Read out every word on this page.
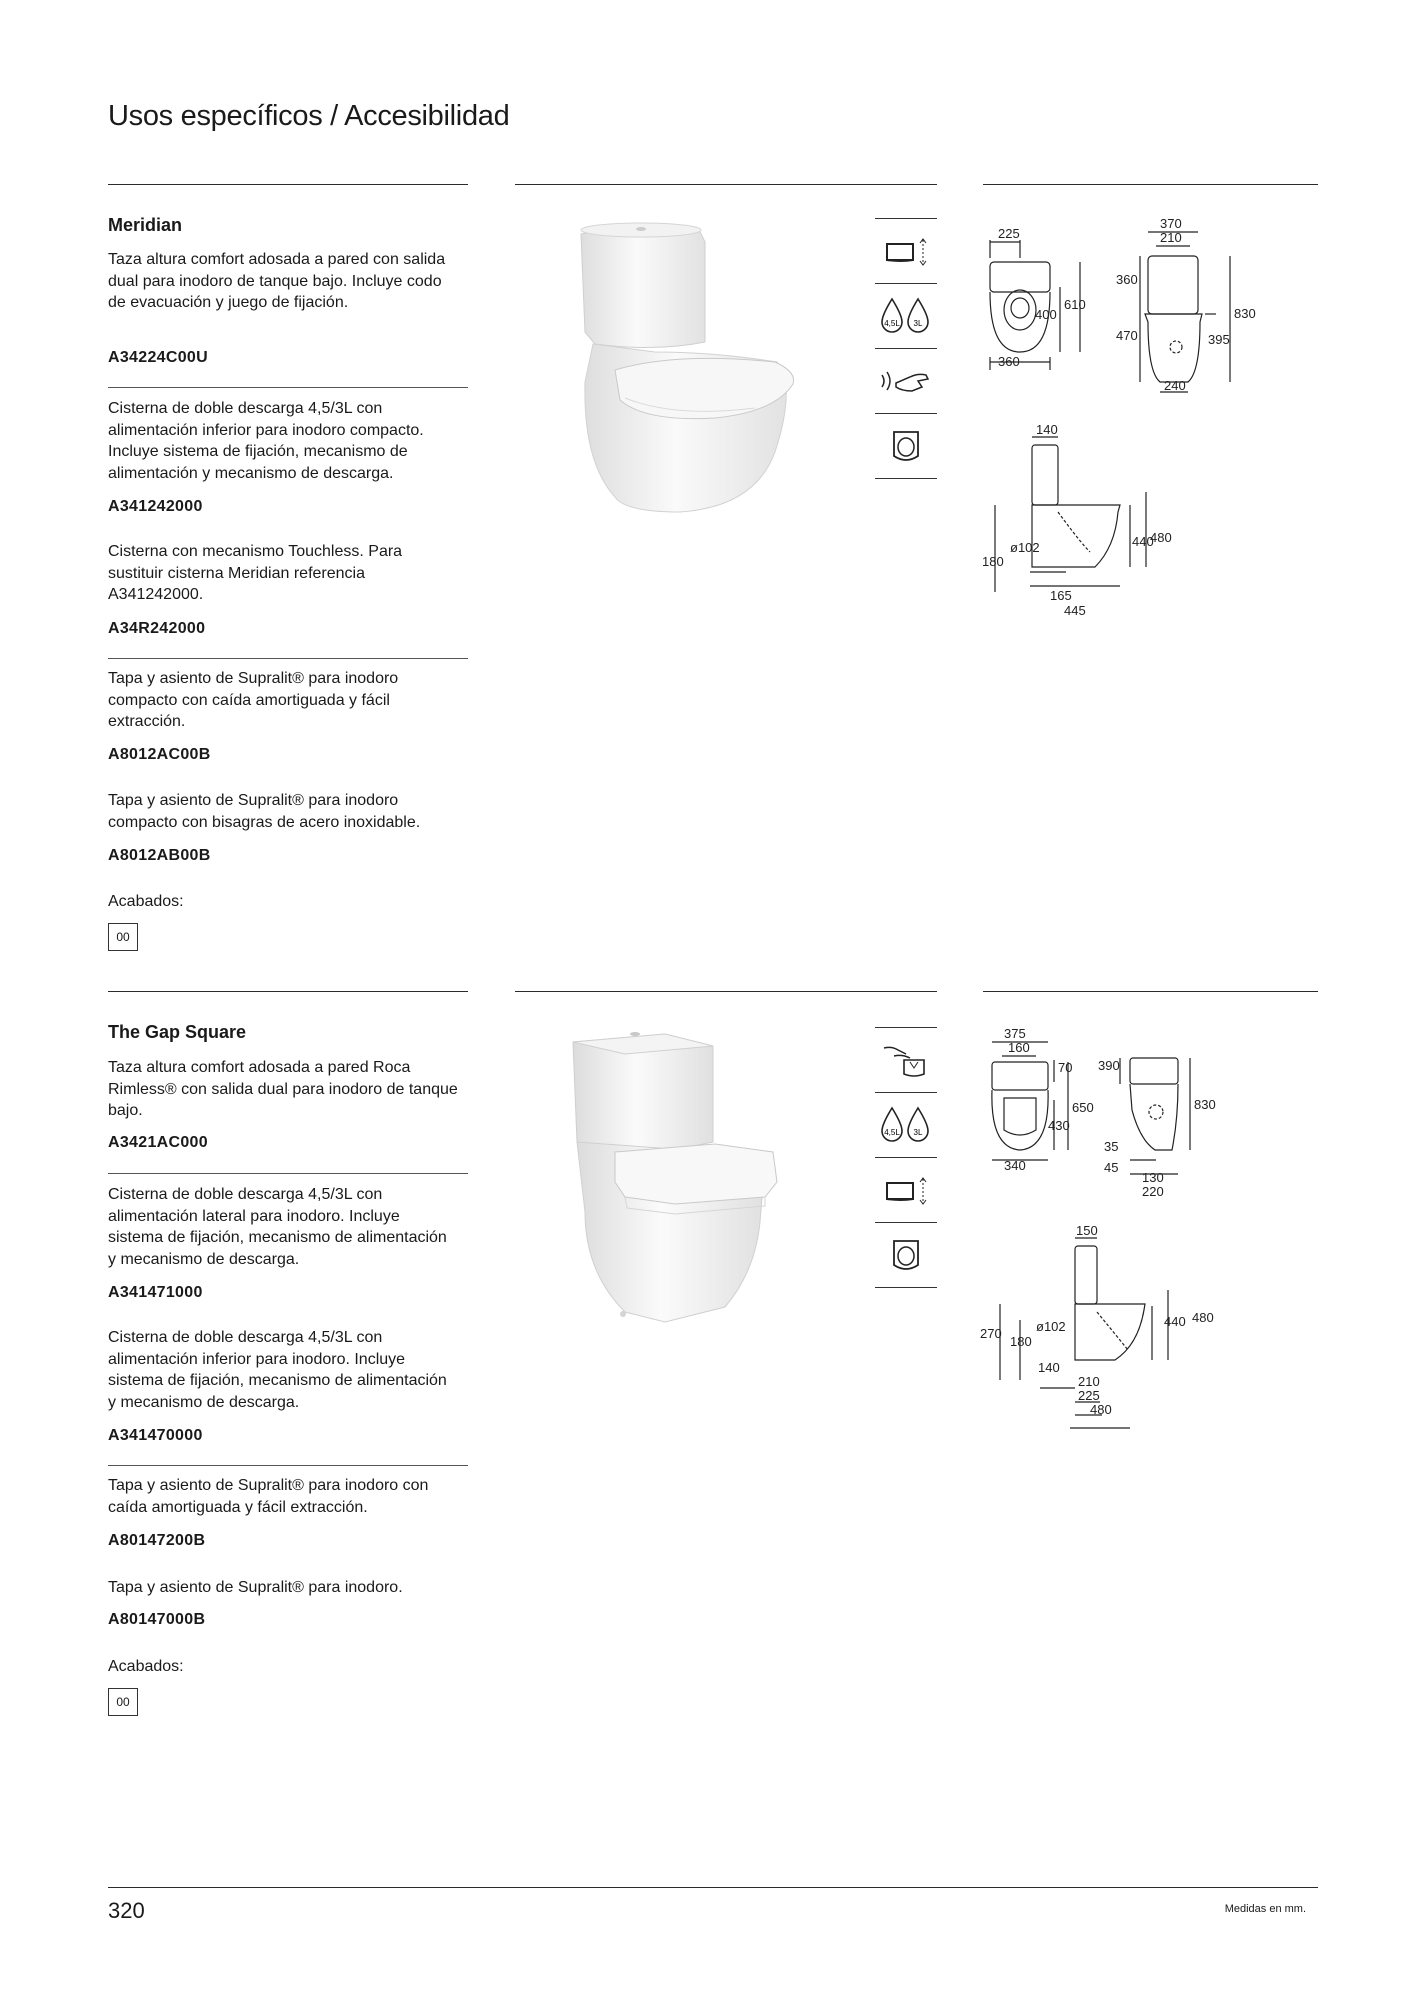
Usos específicos / Accesibilidad
Meridian
Taza altura comfort adosada a pared con salida dual para inodoro de tanque bajo. Incluye codo de evacuación y juego de fijación.
A34224C00U
Cisterna de doble descarga 4,5/3L con alimentación inferior para inodoro compacto. Incluye sistema de fijación, mecanismo de alimentación y mecanismo de descarga.
A341242000
Cisterna con mecanismo Touchless. Para sustituir cisterna Meridian referencia A341242000.
A34R242000
Tapa y asiento de Supralit® para inodoro compacto con caída amortiguada y fácil extracción.
A8012AC00B
Tapa y asiento de Supralit® para inodoro compacto con bisagras de acero inoxidable.
A8012AB00B
Acabados:
00
4,5L 3L
225
400
610
360
370
210
360
470
830
395
240
140
ø102
180
440
480
165
445
The Gap Square
Taza altura comfort adosada a pared Roca Rimless® con salida dual para inodoro de tanque bajo.
A3421AC000
Cisterna de doble descarga 4,5/3L con alimentación lateral para inodoro. Incluye sistema de fijación, mecanismo de alimentación y mecanismo de descarga.
A341471000
Cisterna de doble descarga 4,5/3L con alimentación inferior para inodoro. Incluye sistema de fijación, mecanismo de alimentación y mecanismo de descarga.
A341470000
Tapa y asiento de Supralit® para inodoro con caída amortiguada y fácil extracción.
A80147200B
Tapa y asiento de Supralit® para inodoro.
A80147000B
Acabados:
00
4,5L 3L
375
160
70
650
430
340
390
830
35
45
130
220
150
270
180
ø102	440 480
140
210
225
480
320	Medidas en mm.
